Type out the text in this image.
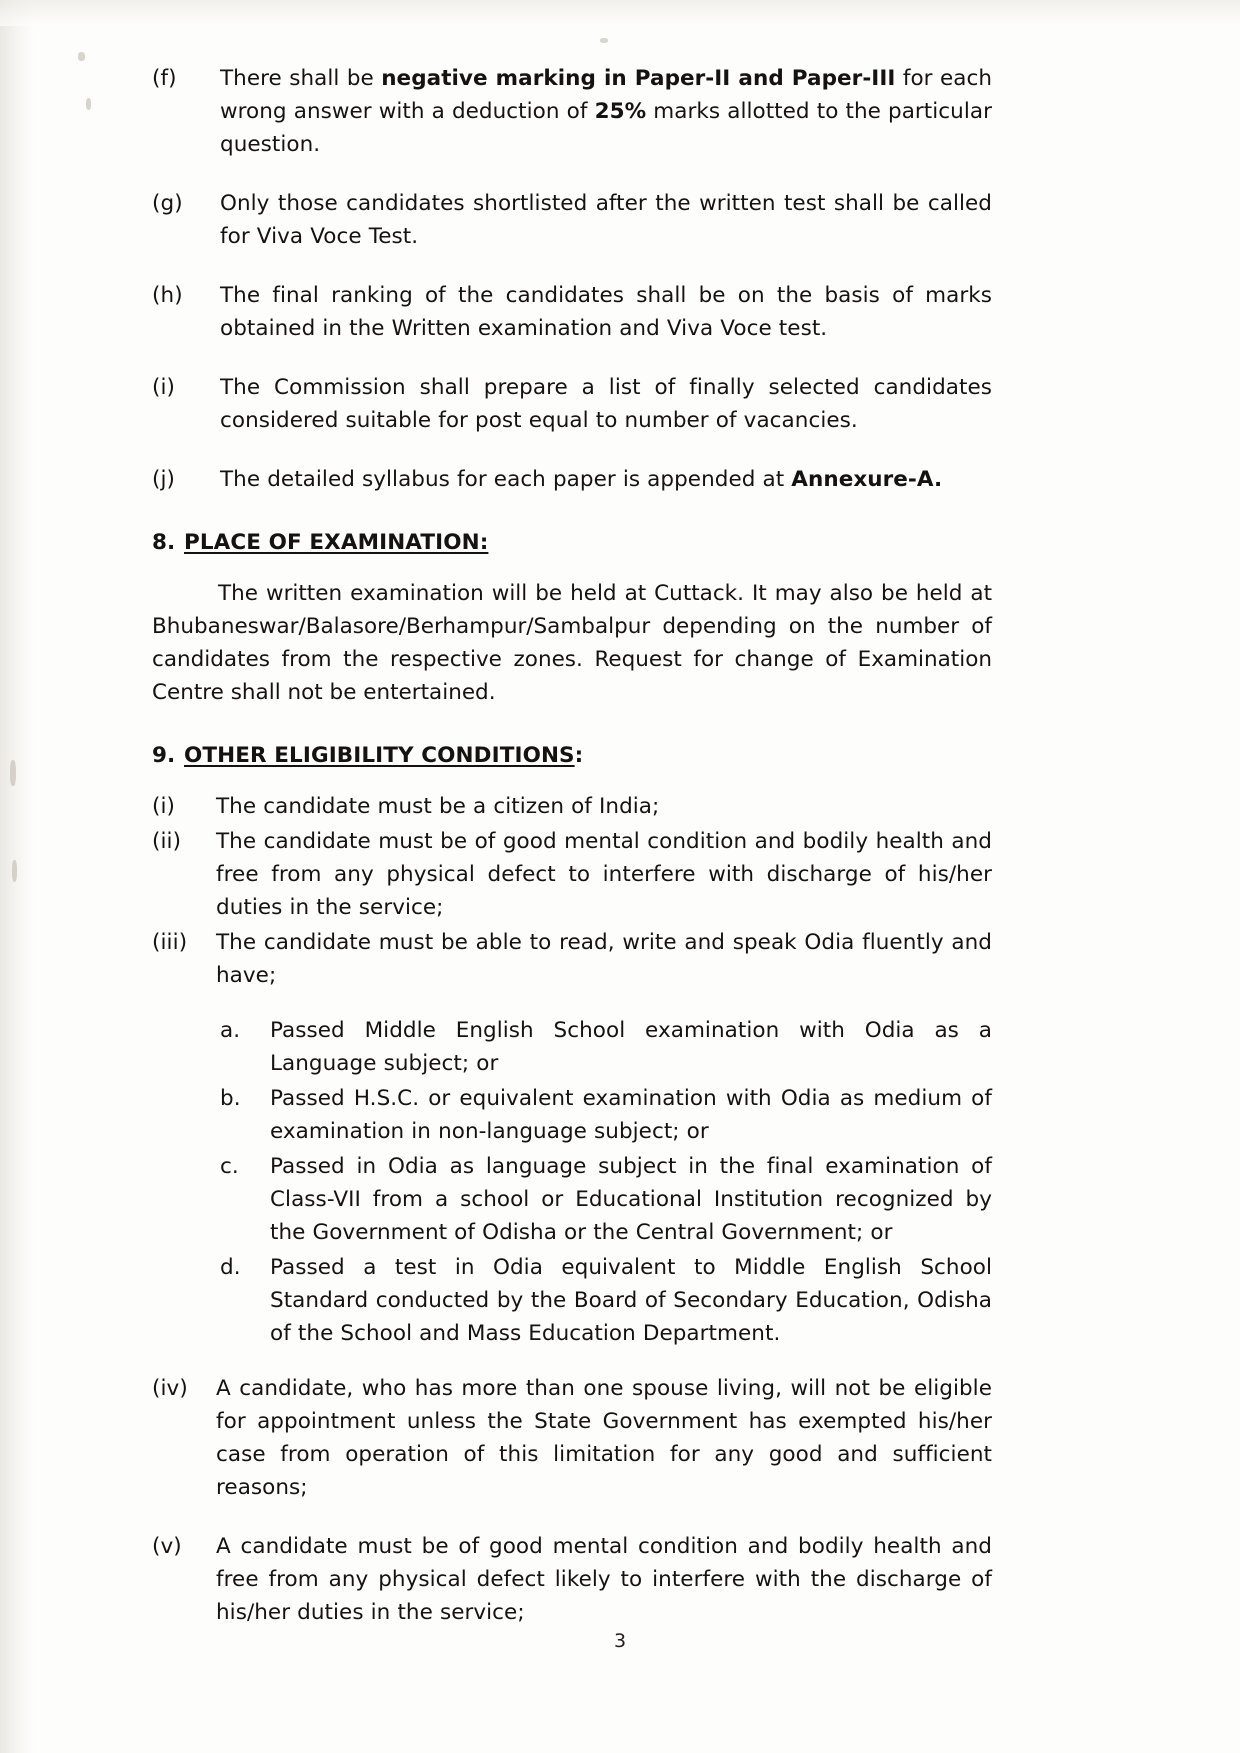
(f)	There shall be negative marking in Paper-II and Paper-III for each wrong answer with a deduction of 25% marks allotted to the particular question.
(g)	Only those candidates shortlisted after the written test shall be called for Viva Voce Test.
(h)	The final ranking of the candidates shall be on the basis of marks obtained in the Written examination and Viva Voce test.
(i)	The Commission shall prepare a list of finally selected candidates considered suitable for post equal to number of vacancies.
(j)	The detailed syllabus for each paper is appended at Annexure-A.
8. PLACE OF EXAMINATION:
The written examination will be held at Cuttack. It may also be held at Bhubaneswar/Balasore/Berhampur/Sambalpur depending on the number of candidates from the respective zones. Request for change of Examination Centre shall not be entertained.
9. OTHER ELIGIBILITY CONDITIONS:
(i)	The candidate must be a citizen of India;
(ii)	The candidate must be of good mental condition and bodily health and free from any physical defect to interfere with discharge of his/her duties in the service;
(iii)	The candidate must be able to read, write and speak Odia fluently and have;
a.	Passed Middle English School examination with Odia as a Language subject; or
b.	Passed H.S.C. or equivalent examination with Odia as medium of examination in non-language subject; or
c.	Passed in Odia as language subject in the final examination of Class-VII from a school or Educational Institution recognized by the Government of Odisha or the Central Government; or
d.	Passed a test in Odia equivalent to Middle English School Standard conducted by the Board of Secondary Education, Odisha of the School and Mass Education Department.
(iv)	A candidate, who has more than one spouse living, will not be eligible for appointment unless the State Government has exempted his/her case from operation of this limitation for any good and sufficient reasons;
(v)	A candidate must be of good mental condition and bodily health and free from any physical defect likely to interfere with the discharge of his/her duties in the service;
3
